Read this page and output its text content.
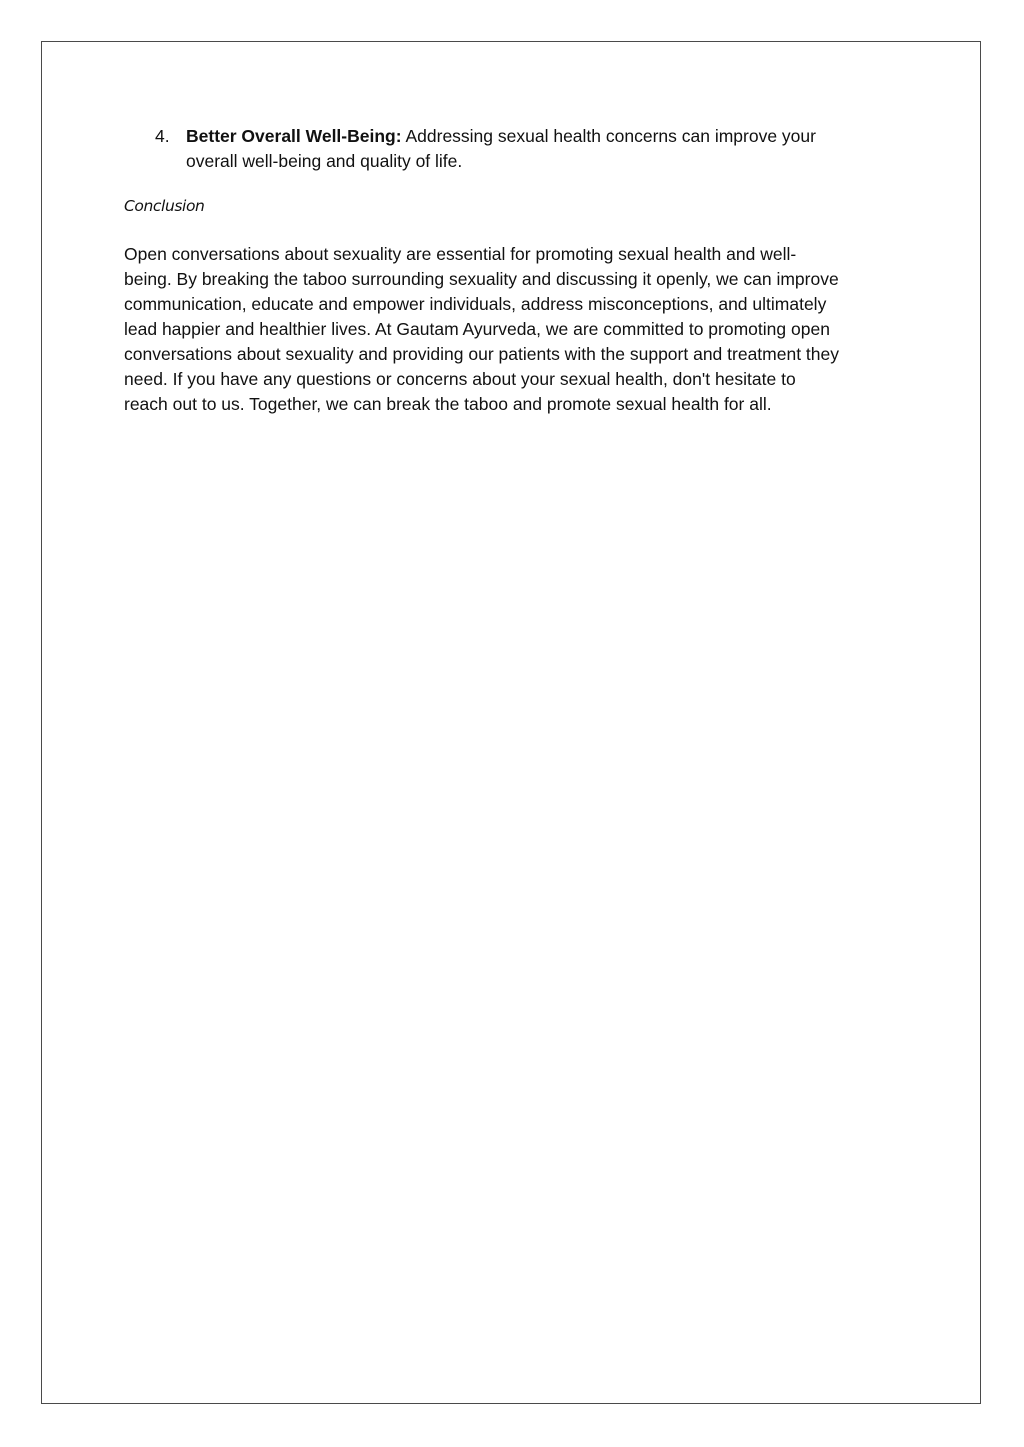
4. Better Overall Well-Being: Addressing sexual health concerns can improve your
overall well-being and quality of life.
Conclusion
Open conversations about sexuality are essential for promoting sexual health and well-
being. By breaking the taboo surrounding sexuality and discussing it openly, we can improve
communication, educate and empower individuals, address misconceptions, and ultimately
lead happier and healthier lives. At Gautam Ayurveda, we are committed to promoting open
conversations about sexuality and providing our patients with the support and treatment they
need. If you have any questions or concerns about your sexual health, don't hesitate to
reach out to us. Together, we can break the taboo and promote sexual health for all.
